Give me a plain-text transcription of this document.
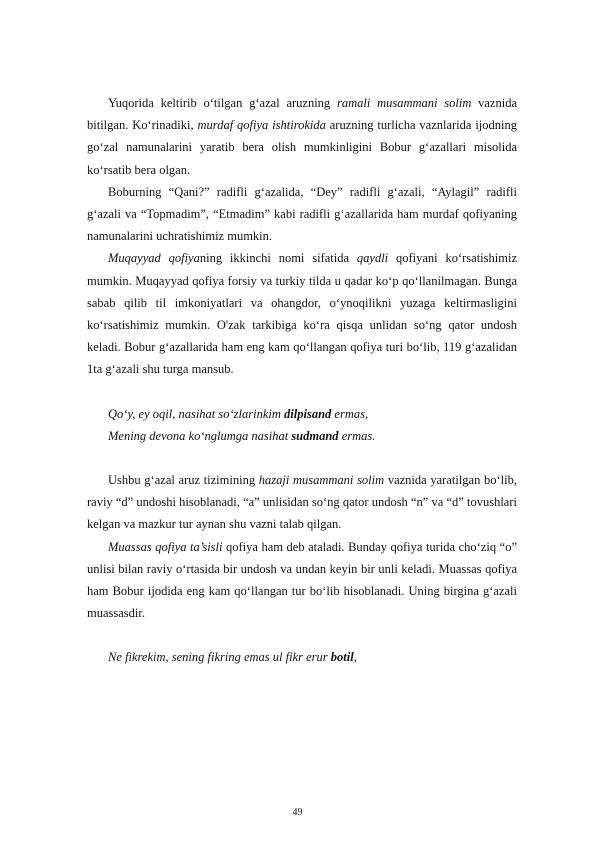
Yuqorida keltirib o‘tilgan g‘azal aruzning ramali musammani solim vaznida bitilgan. Ko‘rinadiki, murdaf qofiya ishtirokida aruzning turlicha vaznlarida ijodning go‘zal namunalarini yaratib bera olish mumkinligini Bobur g‘azallari misolida ko‘rsatib bera olgan.

Boburning “Qani?” radifli g‘azalida, “Dey” radifli g‘azali, “Aylagil” radifli g‘azali va “Topmadim”, “Etmadim” kabi radifli g‘azallarida ham murdaf qofiyaning namunalarini uchratishimiz mumkin.

Muqayyad qofiyaning ikkinchi nomi sifatida qaydli qofiyani ko‘rsatishimiz mumkin. Muqayyad qofiya forsiy va turkiy tilda u qadar ko‘p qo‘llanilmagan. Bunga sabab qilib til imkoniyatlari va ohangdor, o‘ynoqilikni yuzaga keltirmasligini ko‘rsatishimiz mumkin. O'zak tarkibiga ko‘ra qisqa unlidan so‘ng qator undosh keladi. Bobur g‘azallarida ham eng kam qo‘llangan qofiya turi bo‘lib, 119 g‘azalidan 1ta g‘azali shu turga mansub.

Qo‘y, ey oqil, nasihat so‘zlarinkim dilpisand ermas,

Mening devona ko‘nglumga nasihat sudmand ermas.

Ushbu g‘azal aruz tizimining hazaji musammani solim vaznida yaratilgan bo‘lib, raviy “d” undoshi hisoblanadi, “a” unlisidan so‘ng qator undosh “n” va “d” tovushlari kelgan va mazkur tur aynan shu vazni talab qilgan.

Muassas qofiya ta’sisli qofiya ham deb ataladi. Bunday qofiya turida cho‘ziq “o” unlisi bilan raviy o‘rtasida bir undosh va undan keyin bir unli keladi. Muassas qofiya ham Bobur ijodida eng kam qo‘llangan tur bo‘lib hisoblanadi. Uning birgina g‘azali muassasdir.

Ne fikrekim, sening fikring emas ul fikr erur botil,

49
